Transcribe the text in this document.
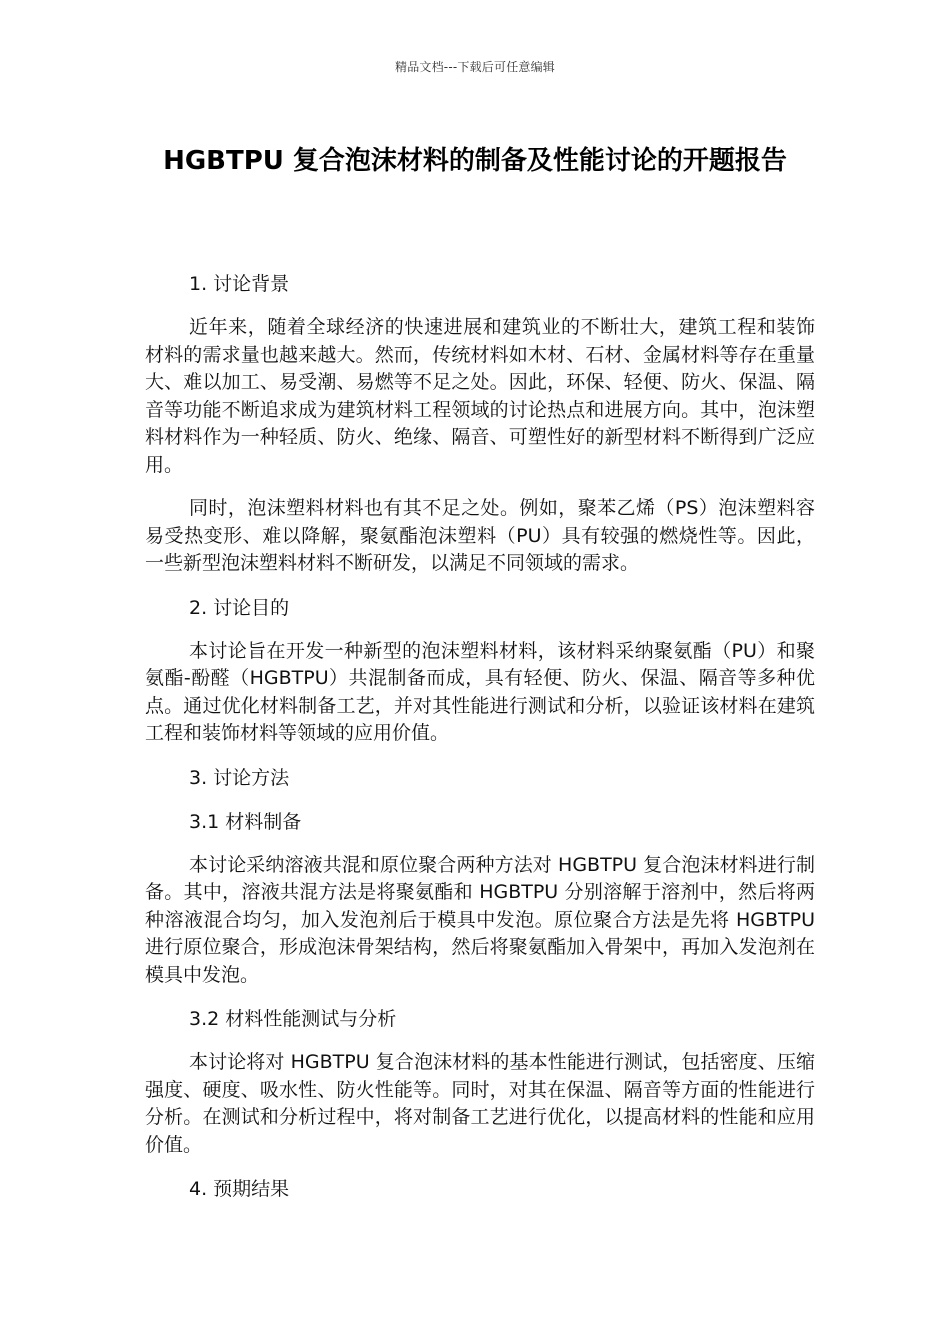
精品文档---下载后可任意编辑
HGBTPU 复合泡沫材料的制备及性能讨论的开题报告
1. 讨论背景

近年来，随着全球经济的快速进展和建筑业的不断壮大，建筑工程和装饰材料的需求量也越来越大。然而，传统材料如木材、石材、金属材料等存在重量大、难以加工、易受潮、易燃等不足之处。因此，环保、轻便、防火、保温、隔音等功能不断追求成为建筑材料工程领域的讨论热点和进展方向。其中，泡沫塑料材料作为一种轻质、防火、绝缘、隔音、可塑性好的新型材料不断得到广泛应用。

同时，泡沫塑料材料也有其不足之处。例如，聚苯乙烯（PS）泡沫塑料容易受热变形、难以降解，聚氨酯泡沫塑料（PU）具有较强的燃烧性等。因此，一些新型泡沫塑料材料不断研发，以满足不同领域的需求。

2. 讨论目的

本讨论旨在开发一种新型的泡沫塑料材料，该材料采纳聚氨酯（PU）和聚氨酯-酚醛（HGBTPU）共混制备而成，具有轻便、防火、保温、隔音等多种优点。通过优化材料制备工艺，并对其性能进行测试和分析，以验证该材料在建筑工程和装饰材料等领域的应用价值。

3. 讨论方法
3.1 材料制备

本讨论采纳溶液共混和原位聚合两种方法对 HGBTPU 复合泡沫材料进行制备。其中，溶液共混方法是将聚氨酯和 HGBTPU 分别溶解于溶剂中，然后将两种溶液混合均匀，加入发泡剂后于模具中发泡。原位聚合方法是先将 HGBTPU 进行原位聚合，形成泡沫骨架结构，然后将聚氨酯加入骨架中，再加入发泡剂在模具中发泡。

3.2 材料性能测试与分析

本讨论将对 HGBTPU 复合泡沫材料的基本性能进行测试，包括密度、压缩强度、硬度、吸水性、防火性能等。同时，对其在保温、隔音等方面的性能进行分析。在测试和分析过程中，将对制备工艺进行优化，以提高材料的性能和应用价值。

4. 预期结果
